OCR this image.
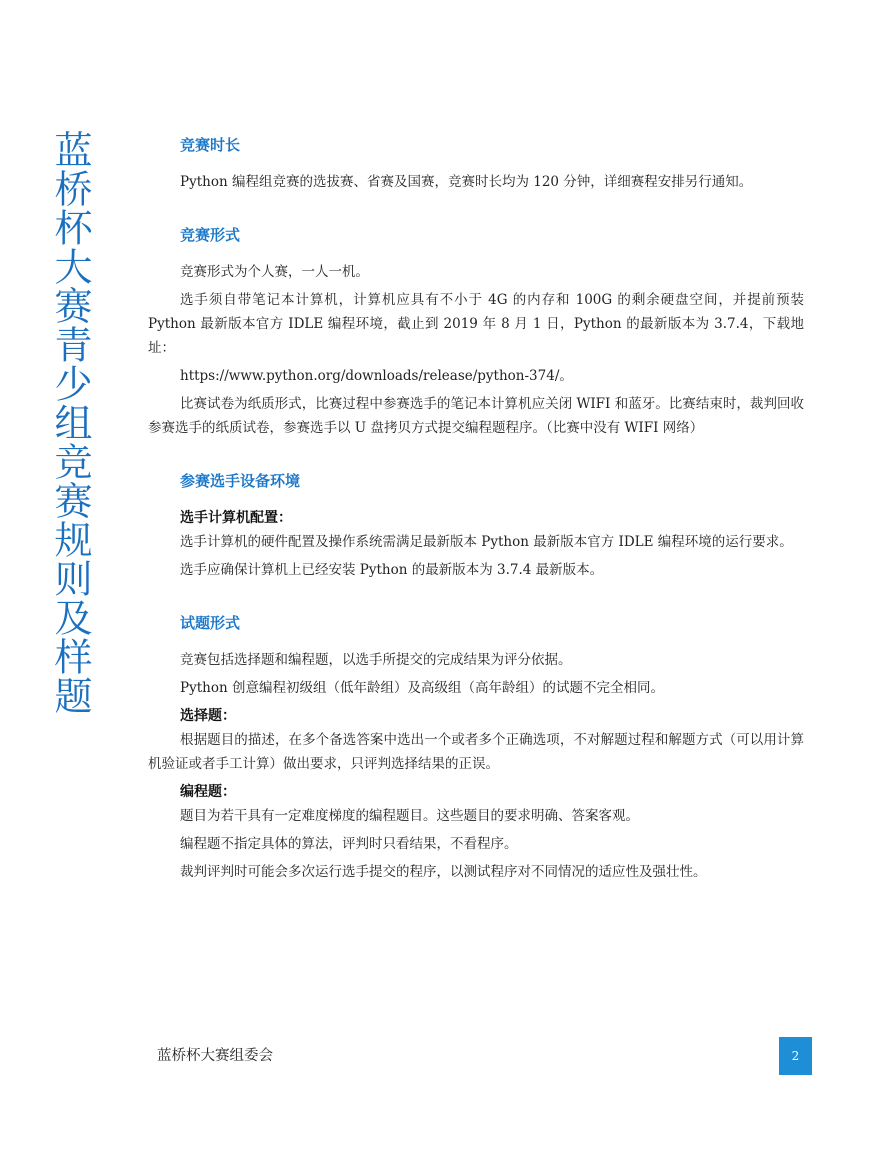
蓝桥杯大赛青少组竞赛规则及样题	竞赛时长

Python 编程组竞赛的选拔赛、省赛及国赛，竞赛时长均为 120 分钟，详细赛程安排另行通知。

竞赛形式

竞赛形式为个人赛，一人一机。

选手须自带笔记本计算机，计算机应具有不小于 4G 的内存和 100G 的剩余硬盘空间，并提前预装Python 最新版本官方 IDLE 编程环境，截止到 2019 年 8 月 1 日，Python 的最新版本为 3.7.4，下载地址：

https://www.python.org/downloads/release/python-374/。

比赛试卷为纸质形式，比赛过程中参赛选手的笔记本计算机应关闭 WIFI 和蓝牙。比赛结束时，裁判回收参赛选手的纸质试卷，参赛选手以 U 盘拷贝方式提交编程题程序。（比赛中没有 WIFI 网络）

参赛选手设备环境
选手计算机配置：

选手计算机的硬件配置及操作系统需满足最新版本 Python 最新版本官方 IDLE 编程环境的运行要求。

选手应确保计算机上已经安装 Python 的最新版本为 3.7.4 最新版本。

试题形式

竞赛包括选择题和编程题，以选手所提交的完成结果为评分依据。

Python 创意编程初级组（低年龄组）及高级组（高年龄组）的试题不完全相同。

选择题：

根据题目的描述，在多个备选答案中选出一个或者多个正确选项，不对解题过程和解题方式（可以用计算机验证或者手工计算）做出要求，只评判选择结果的正误。

编程题：

题目为若干具有一定难度梯度的编程题目。这些题目的要求明确、答案客观。

编程题不指定具体的算法，评判时只看结果，不看程序。

裁判评判时可能会多次运行选手提交的程序，以测试程序对不同情况的适应性及强壮性。

蓝桥杯大赛组委会	2
